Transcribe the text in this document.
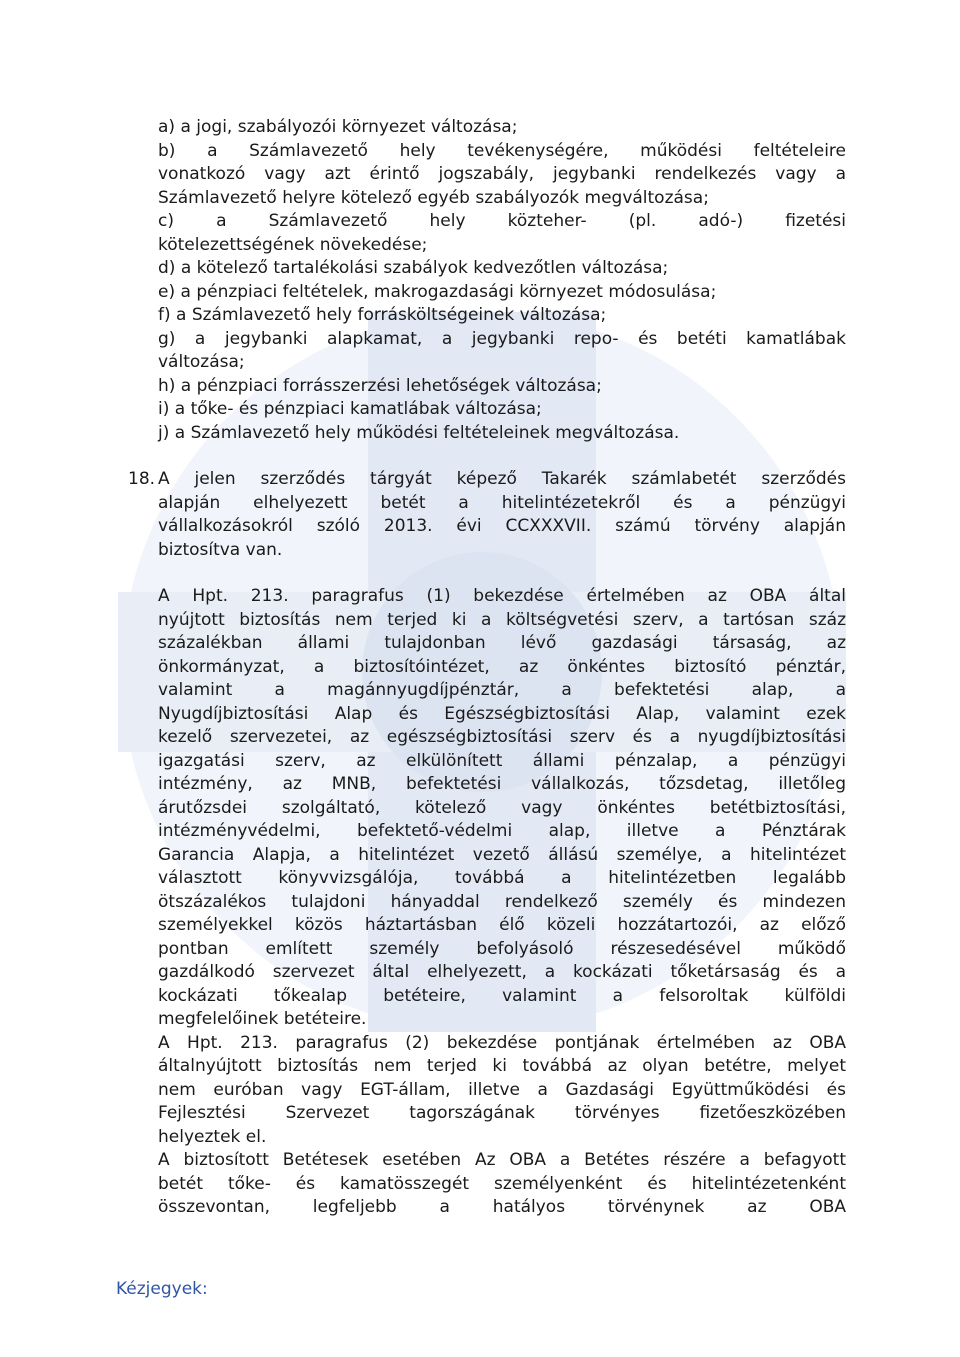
a) a jogi, szabályozói környezet változása;

b) a Számlavezető hely tevékenységére, működési feltételeire

vonatkozó vagy azt érintő jogszabály, jegybanki rendelkezés vagy a

Számlavezető helyre kötelező egyéb szabályozók megváltozása;

c) a Számlavezető hely közteher- (pl. adó-) fizetési

kötelezettségének növekedése;

d) a kötelező tartalékolási szabályok kedvezőtlen változása;

e) a pénzpiaci feltételek, makrogazdasági környezet módosulása;

f) a Számlavezető hely forrásköltségeinek változása;

g) a jegybanki alapkamat, a jegybanki repo- és betéti kamatlábak

változása;

h) a pénzpiaci forrásszerzési lehetőségek változása;

i) a tőke- és pénzpiaci kamatlábak változása;

j) a Számlavezető hely működési feltételeinek megváltozása.

18. A jelen szerződés tárgyát képező Takarék számlabetét szerződés

alapján elhelyezett betét a hitelintézetekről és a pénzügyi

vállalkozásokról szóló 2013. évi CCXXXVII. számú törvény alapján

biztosítva van.

A Hpt. 213. paragrafus (1) bekezdése értelmében az OBA által

nyújtott biztosítás nem terjed ki a költségvetési szerv, a tartósan száz

százalékban állami tulajdonban lévő gazdasági társaság, az

önkormányzat, a biztosítóintézet, az önkéntes biztosító pénztár,

valamint a magánnyugdíjpénztár, a befektetési alap, a

Nyugdíjbiztosítási Alap és Egészségbiztosítási Alap, valamint ezek

kezelő szervezetei, az egészségbiztosítási szerv és a nyugdíjbiztosítási

igazgatási szerv, az elkülönített állami pénzalap, a pénzügyi

intézmény, az MNB, befektetési vállalkozás, tőzsdetag, illetőleg

árutőzsdei szolgáltató, kötelező vagy önkéntes betétbiztosítási,

intézményvédelmi, befektető-védelmi alap, illetve a Pénztárak

Garancia Alapja, a hitelintézet vezető állású személye, a hitelintézet

választott könyvvizsgálója, továbbá a hitelintézetben legalább

ötszázalékos tulajdoni hányaddal rendelkező személy és mindezen

személyekkel közös háztartásban élő közeli hozzátartozói, az előző

pontban említett személy befolyásoló részesedésével működő

gazdálkodó szervezet által elhelyezett, a kockázati tőketársaság és a

kockázati tőkealap betéteire, valamint a felsoroltak külföldi

megfelelőinek betéteire.

A Hpt. 213. paragrafus (2) bekezdése pontjának értelmében az OBA

általnyújtott biztosítás nem terjed ki továbbá az olyan betétre, melyet

nem euróban vagy EGT-állam, illetve a Gazdasági Együttműködési és

Fejlesztési Szervezet tagországának törvényes fizetőeszközében

helyeztek el.

A biztosított Betétesek esetében Az OBA a Betétes részére a befagyott

betét tőke- és kamatösszegét személyenként és hitelintézetenként

összevontan, legfeljebb a hatályos törvénynek az OBA

Kézjegyek:
